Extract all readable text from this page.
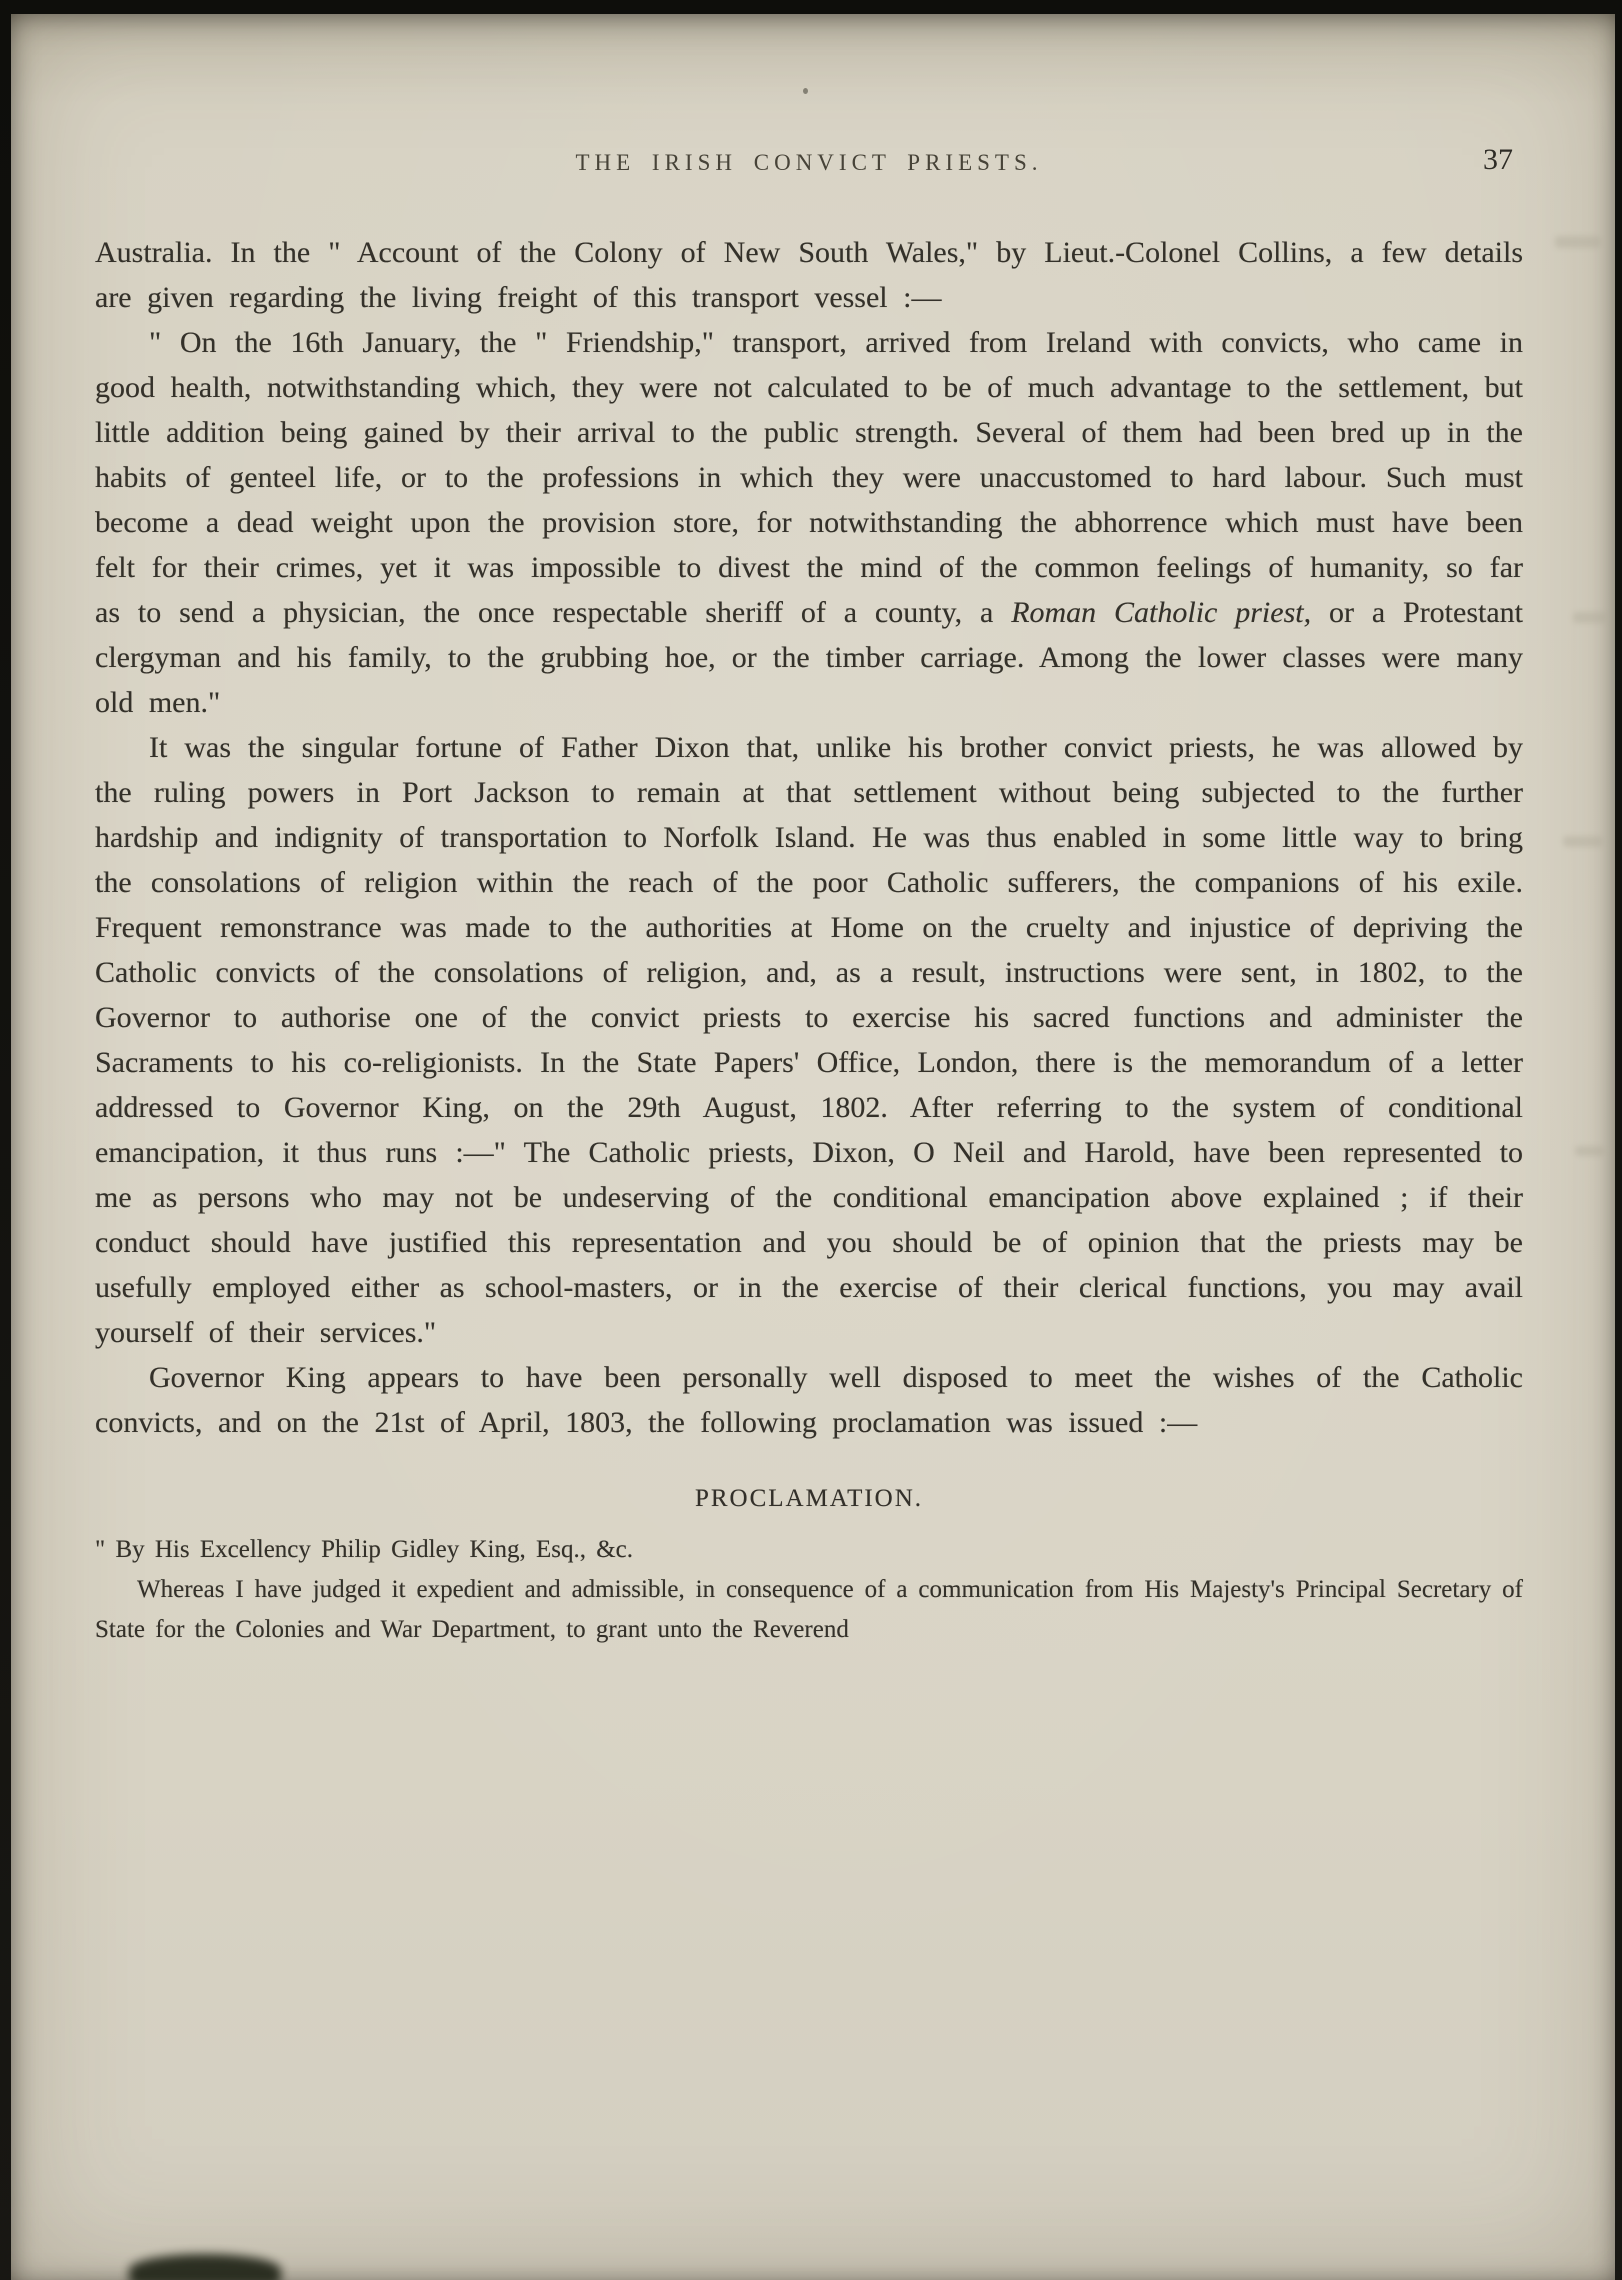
THE IRISH CONVICT PRIESTS.	37

Australia. In the " Account of the Colony of New South Wales," by Lieut.-Colonel Collins, a few details are given regarding the living freight of this transport vessel :—

" On the 16th January, the " Friendship," transport, arrived from Ireland with convicts, who came in good health, notwithstanding which, they were not calculated to be of much advantage to the settlement, but little addition being gained by their arrival to the public strength. Several of them had been bred up in the habits of genteel life, or to the professions in which they were unaccustomed to hard labour. Such must become a dead weight upon the provision store, for notwithstanding the abhorrence which must have been felt for their crimes, yet it was impossible to divest the mind of the common feelings of humanity, so far as to send a physician, the once respectable sheriff of a county, a Roman Catholic priest, or a Protestant clergyman and his family, to the grubbing hoe, or the timber carriage. Among the lower classes were many old men."

It was the singular fortune of Father Dixon that, unlike his brother convict priests, he was allowed by the ruling powers in Port Jackson to remain at that settlement without being subjected to the further hardship and indignity of transportation to Norfolk Island. He was thus enabled in some little way to bring the consolations of religion within the reach of the poor Catholic sufferers, the companions of his exile. Frequent remonstrance was made to the authorities at Home on the cruelty and injustice of depriving the Catholic convicts of the consolations of religion, and, as a result, instructions were sent, in 1802, to the Governor to authorise one of the convict priests to exercise his sacred functions and administer the Sacraments to his co-religionists. In the State Papers' Office, London, there is the memorandum of a letter addressed to Governor King, on the 29th August, 1802. After referring to the system of conditional emancipation, it thus runs :—" The Catholic priests, Dixon, O Neil and Harold, have been represented to me as persons who may not be undeserving of the conditional emancipation above explained ; if their conduct should have justified this representation and you should be of opinion that the priests may be usefully employed either as school-masters, or in the exercise of their clerical functions, you may avail yourself of their services."

Governor King appears to have been personally well disposed to meet the wishes of the Catholic convicts, and on the 21st of April, 1803, the following proclamation was issued :—

PROCLAMATION.

" By His Excellency Philip Gidley King, Esq., &c.

Whereas I have judged it expedient and admissible, in consequence of a communication from His Majesty's Principal Secretary of State for the Colonies and War Department, to grant unto the Reverend
